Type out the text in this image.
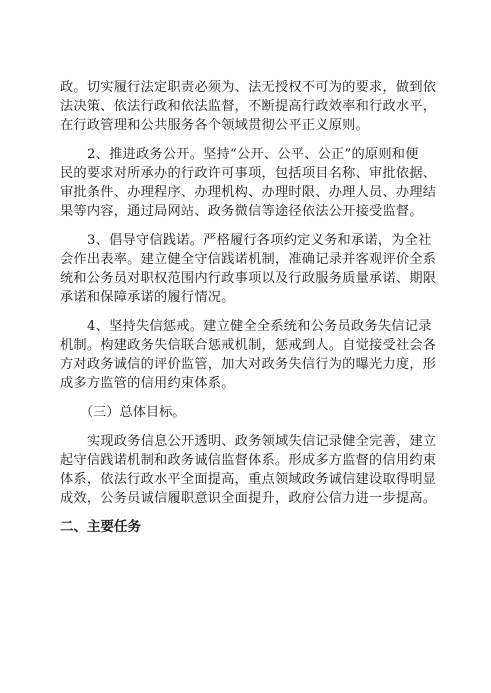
政。切实履行法定职责必须为、法无授权不可为的要求，做到依
法决策、依法行政和依法监督，不断提高行政效率和行政水平，
在行政管理和公共服务各个领域贯彻公平正义原则。
2、推进政务公开。坚持“公开、公平、公正”的原则和便
民的要求对所承办的行政许可事项，包括项目名称、审批依据、
审批条件、办理程序、办理机构、办理时限、办理人员、办理结
果等内容，通过局网站、政务微信等途径依法公开接受监督。
3、倡导守信践诺。严格履行各项约定义务和承诺，为全社
会作出表率。建立健全守信践诺机制，准确记录并客观评价全系
统和公务员对职权范围内行政事项以及行政服务质量承诺、期限
承诺和保障承诺的履行情况。
4、坚持失信惩戒。建立健全全系统和公务员政务失信记录
机制。构建政务失信联合惩戒机制，惩戒到人。自觉接受社会各
方对政务诚信的评价监管，加大对政务失信行为的曝光力度，形
成多方监管的信用约束体系。
（三）总体目标。
实现政务信息公开透明、政务领域失信记录健全完善，建立
起守信践诺机制和政务诚信监督体系。形成多方监督的信用约束
体系，依法行政水平全面提高，重点领域政务诚信建设取得明显
成效，公务员诚信履职意识全面提升，政府公信力进一步提高。
二、主要任务
